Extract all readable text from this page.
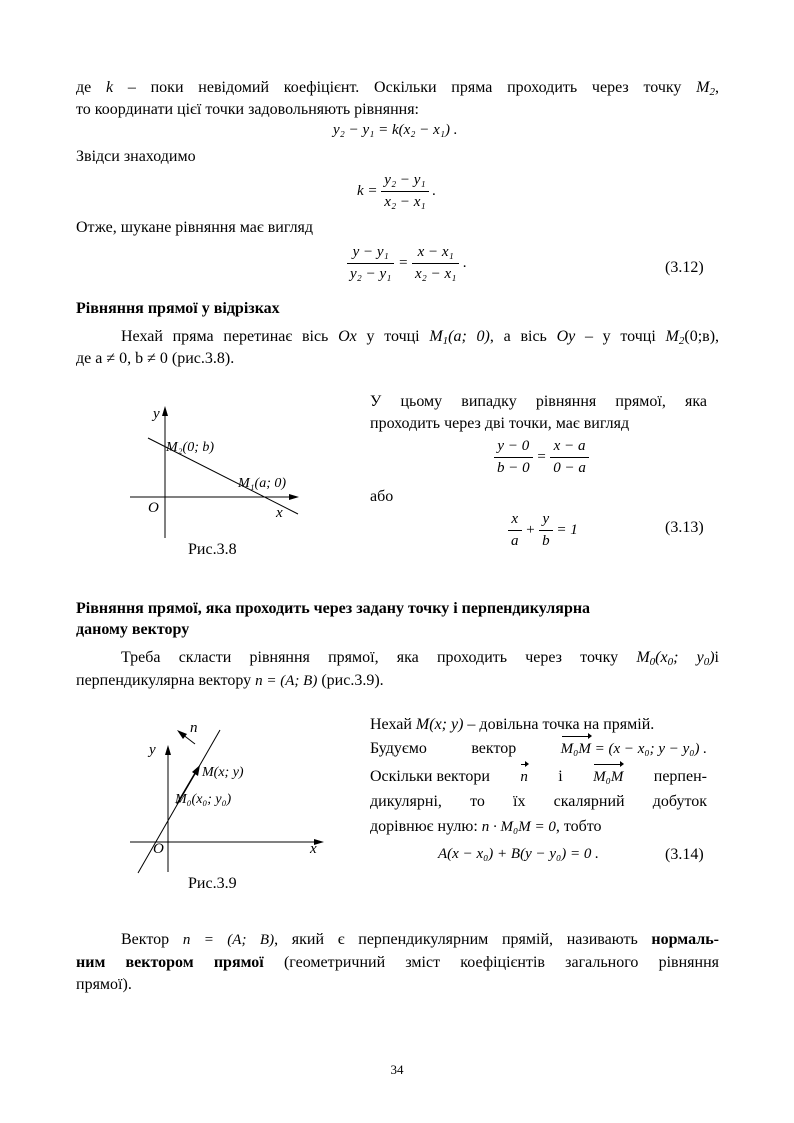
де k – поки невідомий коефіцієнт. Оскільки пряма проходить через точку $M_2$,
то координати цієї точки задовольняють рівняння:
y₂ − y₁ = k(x₂ − x₁) .
Звідси знаходимо
$k = \frac{\text{y₂ − y₁}}{\text{x₂ − x₁}}$ .
Отже, шукане рівняння має вигляд
$\frac{\text{y − y₁}}{\text{y₂ − y₁}} = \frac{\text{x − x₁}}{\text{x₂ − x₁}}$ .	(3.12)
Рівняння прямої у відрізках
Нехай пряма перетинає вісь Ox у точці $M_1(a$; 0), а вісь Oy – у точці $M_2(0;в)$,
де a ≠ 0, b ≠ 0 (рис.3.8).
y
O	x
M₂(0; b)
M₁(a; 0)
Рис.3.8
У цьому випадку рівняння прямої, яка
проходить через дві точки, має вигляд
$\frac{y - 0}{b - 0} = \frac{x - a}{0 - a}$
або
$\frac{x}{a} + \frac{y}{b} = 1$	(3.13)
Рівняння прямої, яка проходить через задану точку і перпендикулярна
даному вектору
Треба скласти рівняння прямої, яка проходить через точку $M_0(x_0$; $y_0)і$
перпендикулярна вектору n = (A; B) (рис.3.9).
n
y
M(x; y)
M₀(x₀; y₀)
O	x
Рис.3.9
Нехай M(x; y) – довільна точка на прямій.
Будуємо	вектор	M₀M = (x − x₀; y − y₀) .
Оскільки вектори n і M₀M перпен-
дикулярні, то їх скалярний добуток
дорівнює нулю: n · M₀M = 0, тобто
A(x − x₀) + B(y − y₀) = 0 .	(3.14)
Вектор n = (A; B), який є перпендикулярним прямій, називають нормаль-
ним вектором прямої (геометричний зміст коефіцієнтів загального рівняння
прямої).
34
